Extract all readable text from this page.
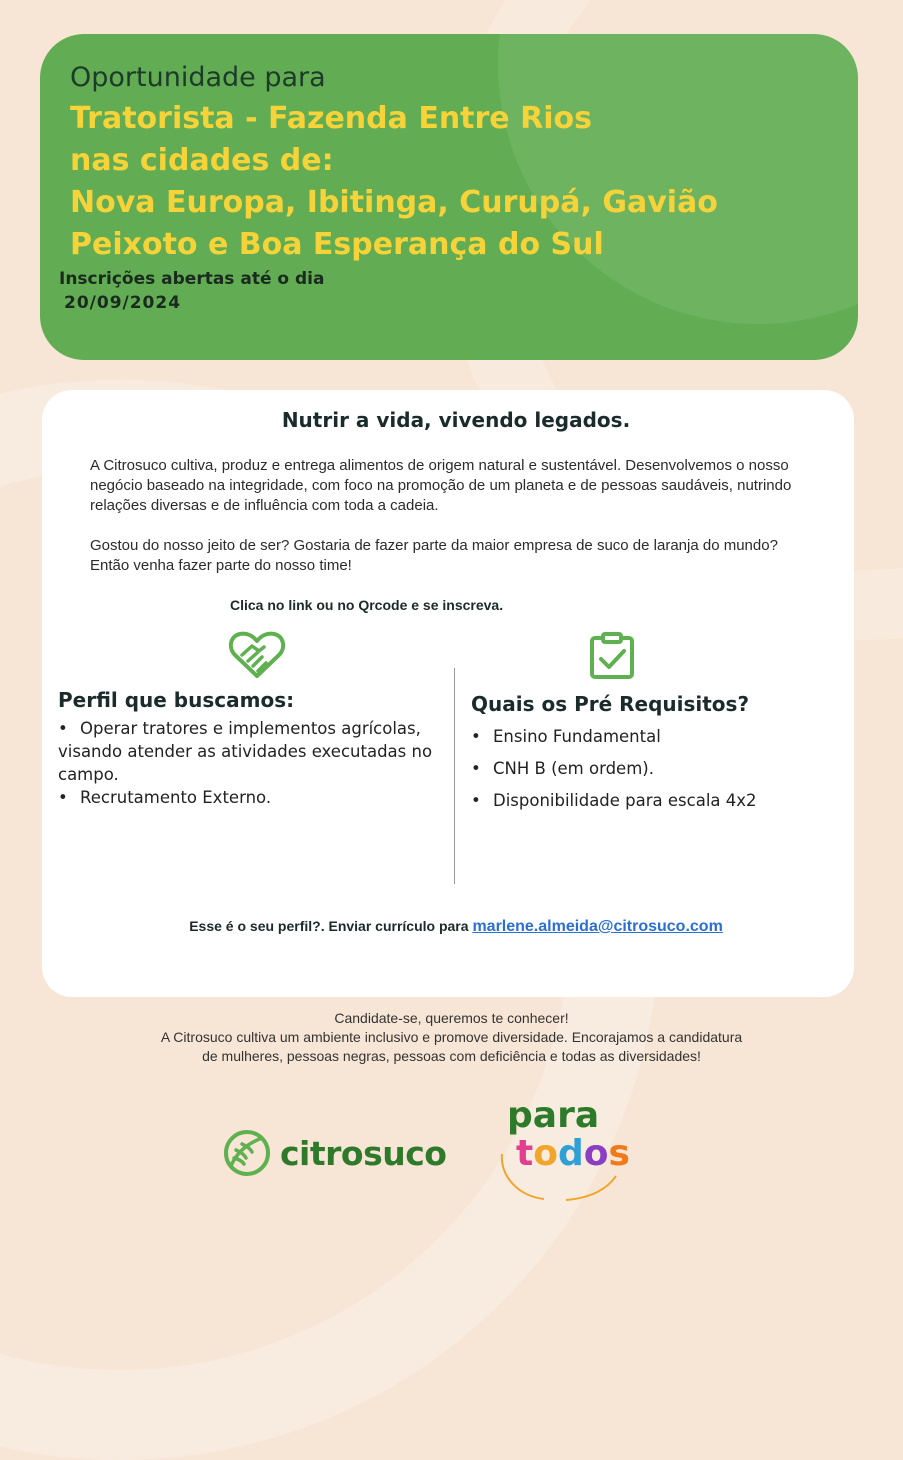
Oportunidade para
Tratorista - Fazenda Entre Rios
nas cidades de:
Nova Europa, Ibitinga, Curupá, Gavião
Peixoto e Boa Esperança do Sul
Inscrições abertas até o dia
20/09/2024
Nutrir a vida, vivendo legados.

A Citrosuco cultiva, produz e entrega alimentos de origem natural e sustentável. Desenvolvemos o nosso negócio baseado na integridade, com foco na promoção de um planeta e de pessoas saudáveis, nutrindo relações diversas e de influência com toda a cadeia.

Gostou do nosso jeito de ser? Gostaria de fazer parte da maior empresa de suco de laranja do mundo? Então venha fazer parte do nosso time!

Clica no link ou no Qrcode e se inscreva.
Perfil que buscamos:
• Operar tratores e implementos agrícolas, visando atender as atividades executadas no campo.
• Recrutamento Externo.
Quais os Pré Requisitos?
• Ensino Fundamental
• CNH B (em ordem).
• Disponibilidade para escala 4x2
Esse é o seu perfil?. Enviar currículo para marlene.almeida@citrosuco.com
Candidate-se, queremos te conhecer!
A Citrosuco cultiva um ambiente inclusivo e promove diversidade. Encorajamos a candidatura
de mulheres, pessoas negras, pessoas com deficiência e todas as diversidades!
citrosuco
para
todos
